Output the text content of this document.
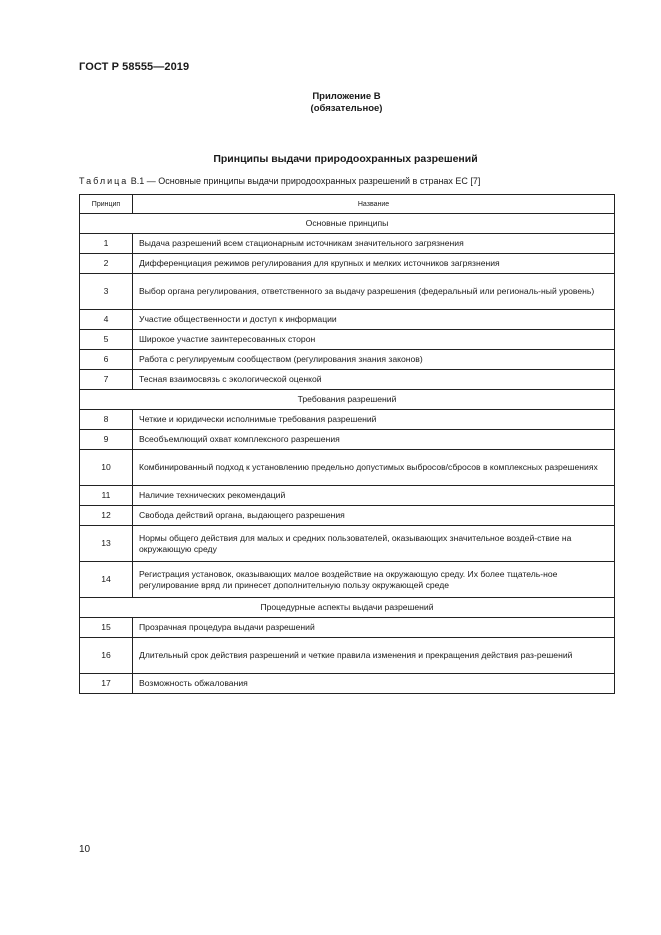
ГОСТ Р 58555—2019
Приложение В
(обязательное)
Принципы выдачи природоохранных разрешений
Таблица В.1 — Основные принципы выдачи природоохранных разрешений в странах ЕС [7]
Принцип	Название
Основные принципы	
1	Выдача разрешений всем стационарным источникам значительного загрязнения
2	Дифференциация режимов регулирования для крупных и мелких источников загрязнения
3	Выбор органа регулирования, ответственного за выдачу разрешения (федеральный или региональ-ный уровень)
4	Участие общественности и доступ к информации
5	Широкое участие заинтересованных сторон
6	Работа с регулируемым сообществом (регулирования знания законов)
7	Тесная взаимосвязь с экологической оценкой
Требования разрешений	
8	Четкие и юридически исполнимые требования разрешений
9	Всеобъемлющий охват комплексного разрешения
10	Комбинированный подход к установлению предельно допустимых выбросов/сбросов в комплексных разрешениях
11	Наличие технических рекомендаций
12	Свобода действий органа, выдающего разрешения
13	Нормы общего действия для малых и средних пользователей, оказывающих значительное воздей-ствие на окружающую среду
14	Регистрация установок, оказывающих малое воздействие на окружающую среду. Их более тщатель-ное регулирование вряд ли принесет дополнительную пользу окружающей среде
Процедурные аспекты выдачи разрешений	
15	Прозрачная процедура выдачи разрешений
16	Длительный срок действия разрешений и четкие правила изменения и прекращения действия раз-решений
17	Возможность обжалования
10
